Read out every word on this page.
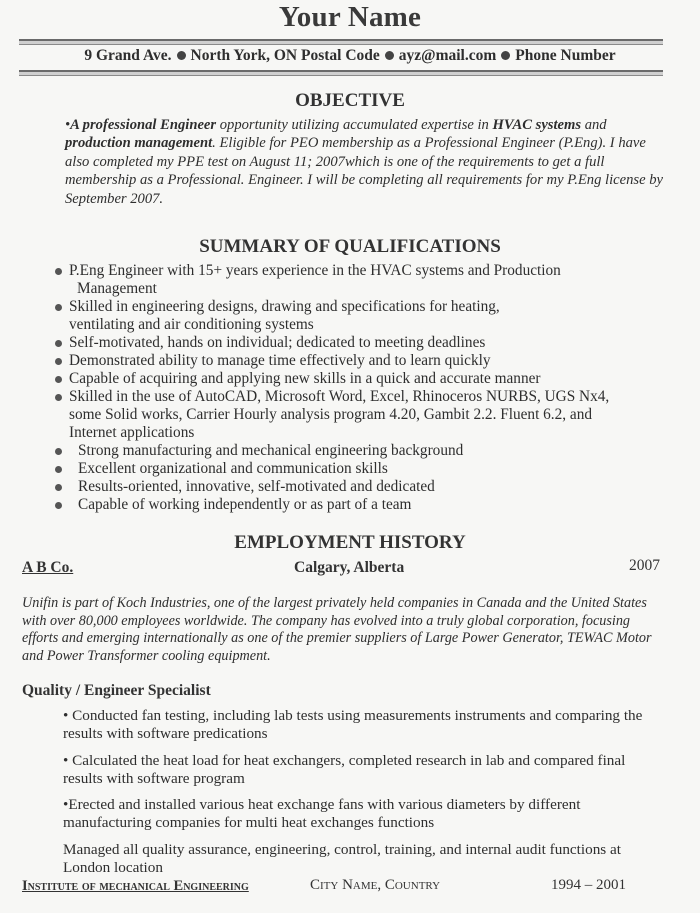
Your Name
9 Grand Ave. North York, ON Postal Code ayz@mail.com Phone Number
OBJECTIVE
•A professional Engineer opportunity utilizing accumulated expertise in HVAC systems and production management. Eligible for PEO membership as a Professional Engineer (P.Eng). I have also completed my PPE test on August 11; 2007which is one of the requirements to get a full membership as a Professional. Engineer. I will be completing all requirements for my P.Eng license by September 2007.
SUMMARY OF QUALIFICATIONS
P.Eng Engineer with 15+ years experience in the HVAC systems and Production
Management
Skilled in engineering designs, drawing and specifications for heating,
ventilating and air conditioning systems
Self-motivated, hands on individual; dedicated to meeting deadlines
Demonstrated ability to manage time effectively and to learn quickly
Capable of acquiring and applying new skills in a quick and accurate manner
Skilled in the use of AutoCAD, Microsoft Word, Excel, Rhinoceros NURBS, UGS Nx4,
some Solid works, Carrier Hourly analysis program 4.20, Gambit 2.2. Fluent 6.2, and
Internet applications
Strong manufacturing and mechanical engineering background
Excellent organizational and communication skills
Results-oriented, innovative, self-motivated and dedicated
Capable of working independently or as part of a team
EMPLOYMENT HISTORY
A B Co.	Calgary, Alberta	2007
Unifin is part of Koch Industries, one of the largest privately held companies in Canada and the United States with over 80,000 employees worldwide. The company has evolved into a truly global corporation, focusing efforts and emerging internationally as one of the premier suppliers of Large Power Generator, TEWAC Motor and Power Transformer cooling equipment.
Quality / Engineer Specialist
• Conducted fan testing, including lab tests using measurements instruments and comparing the results with software predications
• Calculated the heat load for heat exchangers, completed research in lab and compared final results with software program
•Erected and installed various heat exchange fans with various diameters by different manufacturing companies for multi heat exchanges functions
Managed all quality assurance, engineering, control, training, and internal audit functions at London location
Institute of mechanical Engineering	City Name, Country	1994 – 2001
